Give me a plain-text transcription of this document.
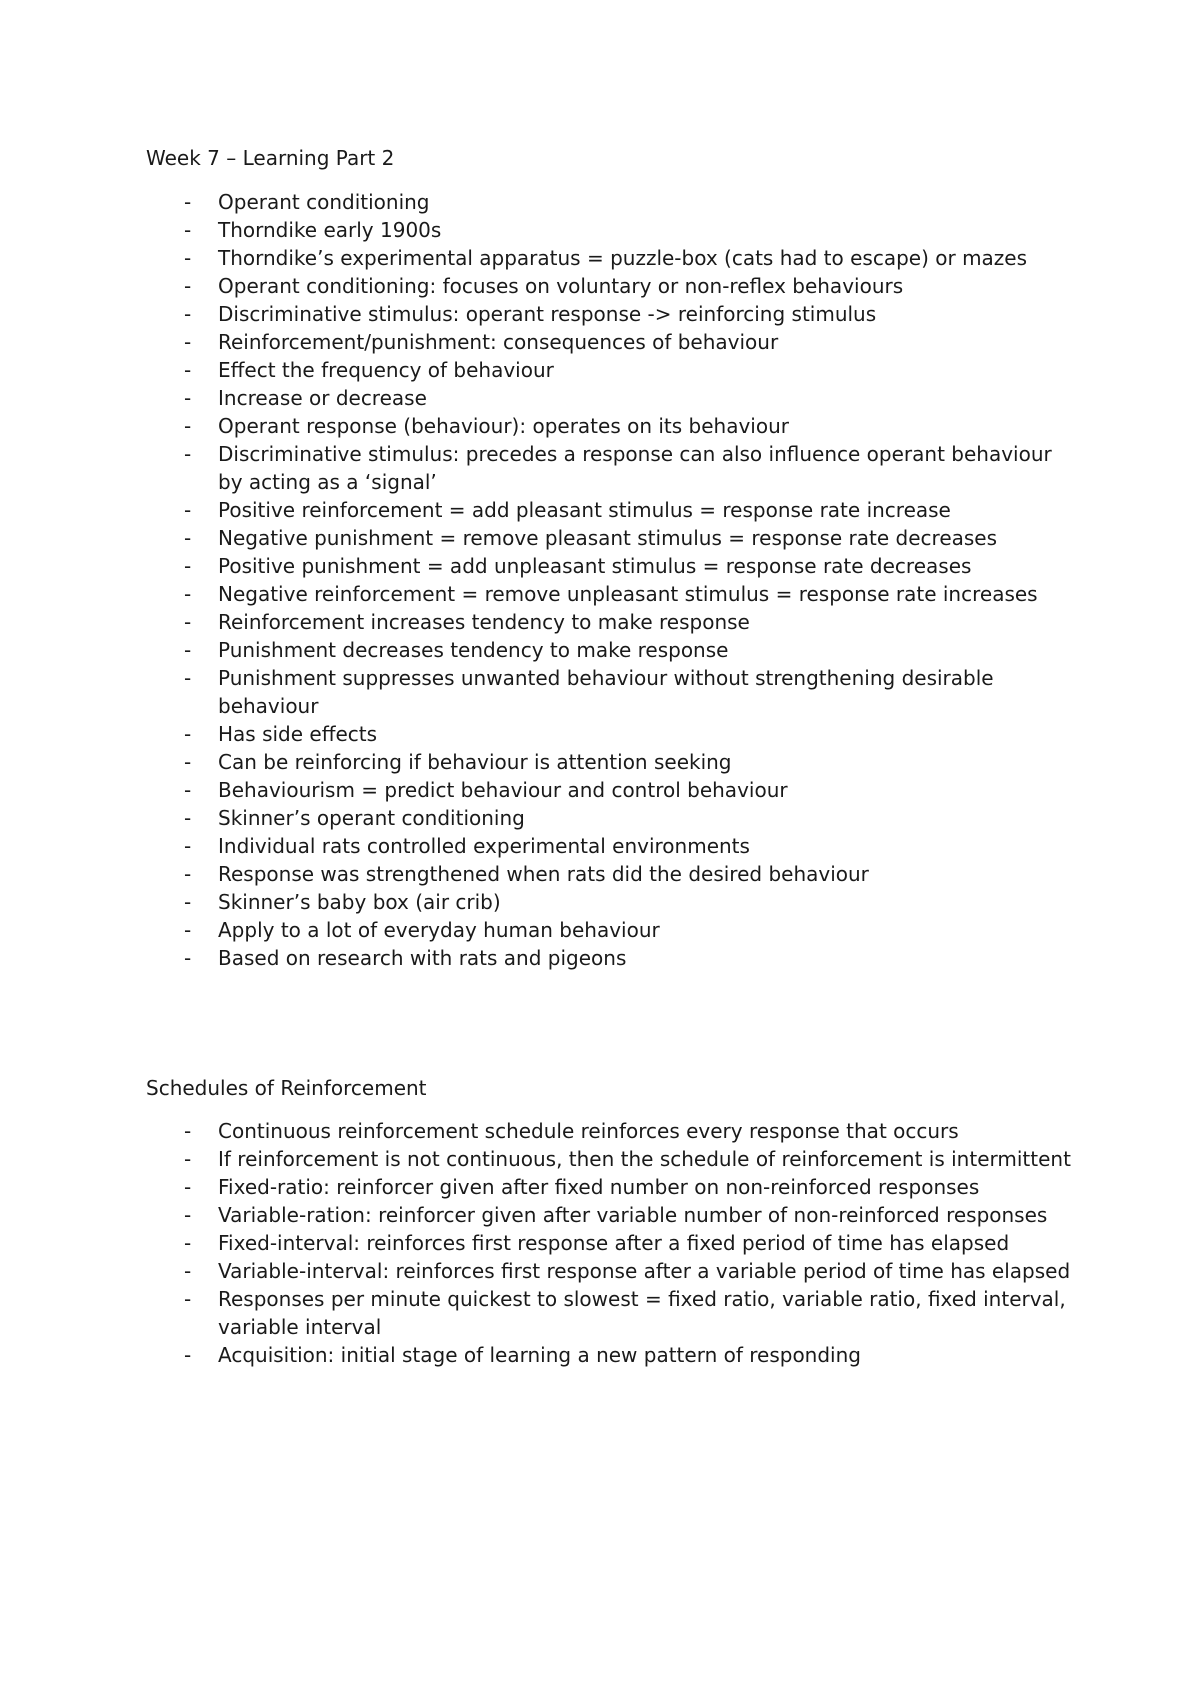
Week 7 – Learning Part 2
- Operant conditioning
- Thorndike early 1900s
- Thorndike’s experimental apparatus = puzzle-box (cats had to escape) or mazes
- Operant conditioning: focuses on voluntary or non-reflex behaviours
- Discriminative stimulus: operant response -> reinforcing stimulus
- Reinforcement/punishment: consequences of behaviour
- Effect the frequency of behaviour
- Increase or decrease
- Operant response (behaviour): operates on its behaviour
- Discriminative stimulus: precedes a response can also influence operant behaviour by acting as a ‘signal’
- Positive reinforcement = add pleasant stimulus = response rate increase
- Negative punishment = remove pleasant stimulus = response rate decreases
- Positive punishment = add unpleasant stimulus = response rate decreases
- Negative reinforcement = remove unpleasant stimulus = response rate increases
- Reinforcement increases tendency to make response
- Punishment decreases tendency to make response
- Punishment suppresses unwanted behaviour without strengthening desirable behaviour
- Has side effects
- Can be reinforcing if behaviour is attention seeking
- Behaviourism = predict behaviour and control behaviour
- Skinner’s operant conditioning
- Individual rats controlled experimental environments
- Response was strengthened when rats did the desired behaviour
- Skinner’s baby box (air crib)
- Apply to a lot of everyday human behaviour
- Based on research with rats and pigeons
Schedules of Reinforcement
- Continuous reinforcement schedule reinforces every response that occurs
- If reinforcement is not continuous, then the schedule of reinforcement is intermittent
- Fixed-ratio: reinforcer given after fixed number on non-reinforced responses
- Variable-ration: reinforcer given after variable number of non-reinforced responses
- Fixed-interval: reinforces first response after a fixed period of time has elapsed
- Variable-interval: reinforces first response after a variable period of time has elapsed
- Responses per minute quickest to slowest = fixed ratio, variable ratio, fixed interval, variable interval
- Acquisition: initial stage of learning a new pattern of responding
